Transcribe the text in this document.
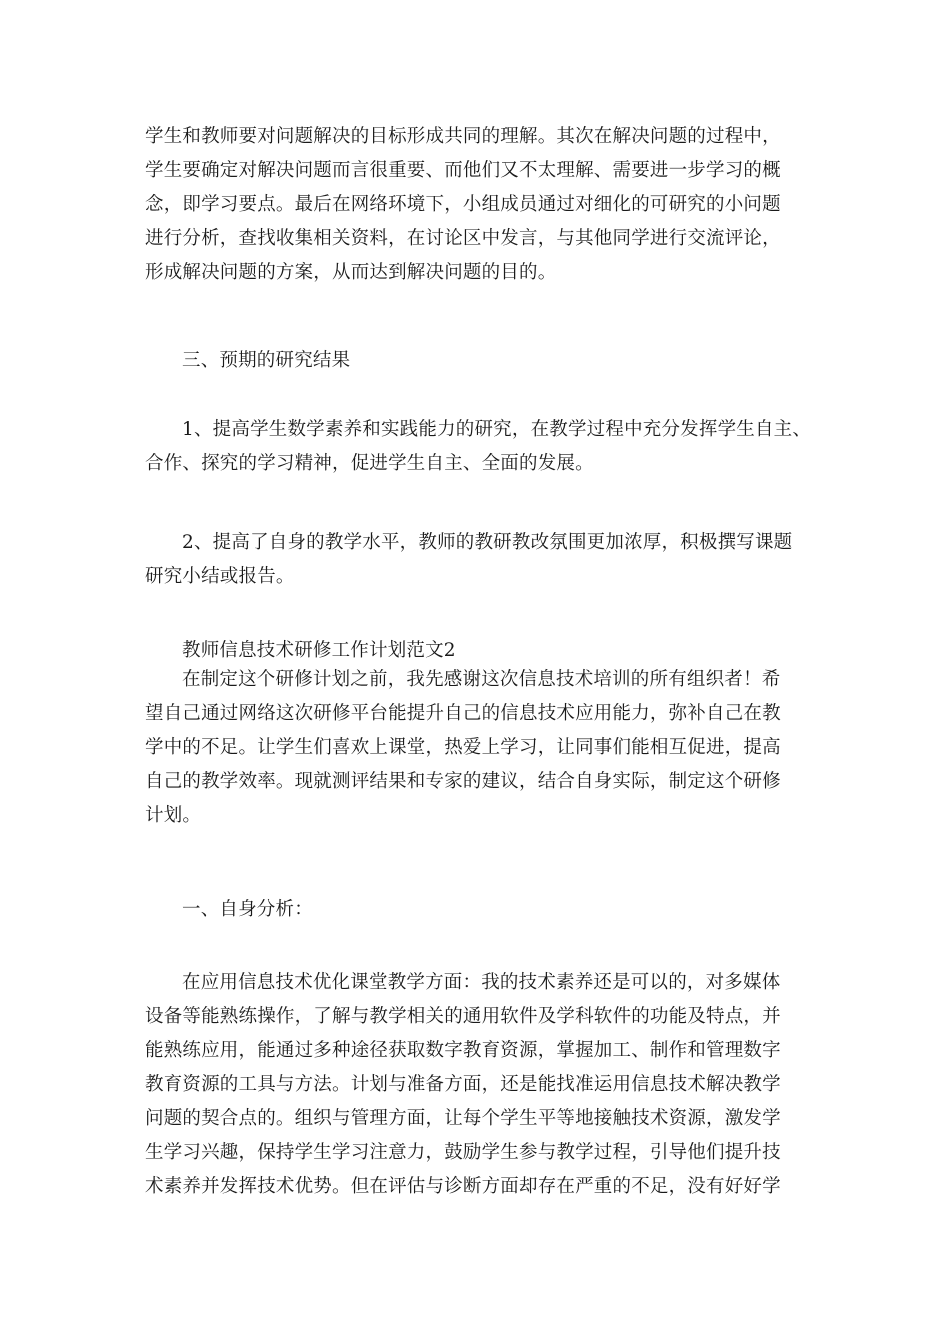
学生和教师要对问题解决的目标形成共同的理解。其次在解决问题的过程中，
学生要确定对解决问题而言很重要、而他们又不太理解、需要进一步学习的概
念，即学习要点。最后在网络环境下，小组成员通过对细化的可研究的小问题
进行分析，查找收集相关资料，在讨论区中发言，与其他同学进行交流评论，
形成解决问题的方案，从而达到解决问题的目的。
三、预期的研究结果
1、提高学生数学素养和实践能力的研究，在教学过程中充分发挥学生自主、
合作、探究的学习精神，促进学生自主、全面的发展。
2、提高了自身的教学水平，教师的教研教改氛围更加浓厚，积极撰写课题
研究小结或报告。
教师信息技术研修工作计划范文2
在制定这个研修计划之前，我先感谢这次信息技术培训的所有组织者！希
望自己通过网络这次研修平台能提升自己的信息技术应用能力，弥补自己在教
学中的不足。让学生们喜欢上课堂，热爱上学习，让同事们能相互促进，提高
自己的教学效率。现就测评结果和专家的建议，结合自身实际，制定这个研修
计划。
一、自身分析：
在应用信息技术优化课堂教学方面：我的技术素养还是可以的，对多媒体
设备等能熟练操作，了解与教学相关的通用软件及学科软件的功能及特点，并
能熟练应用，能通过多种途径获取数字教育资源，掌握加工、制作和管理数字
教育资源的工具与方法。计划与准备方面，还是能找准运用信息技术解决教学
问题的契合点的。组织与管理方面，让每个学生平等地接触技术资源，激发学
生学习兴趣，保持学生学习注意力，鼓励学生参与教学过程，引导他们提升技
术素养并发挥技术优势。但在评估与诊断方面却存在严重的不足，没有好好学
